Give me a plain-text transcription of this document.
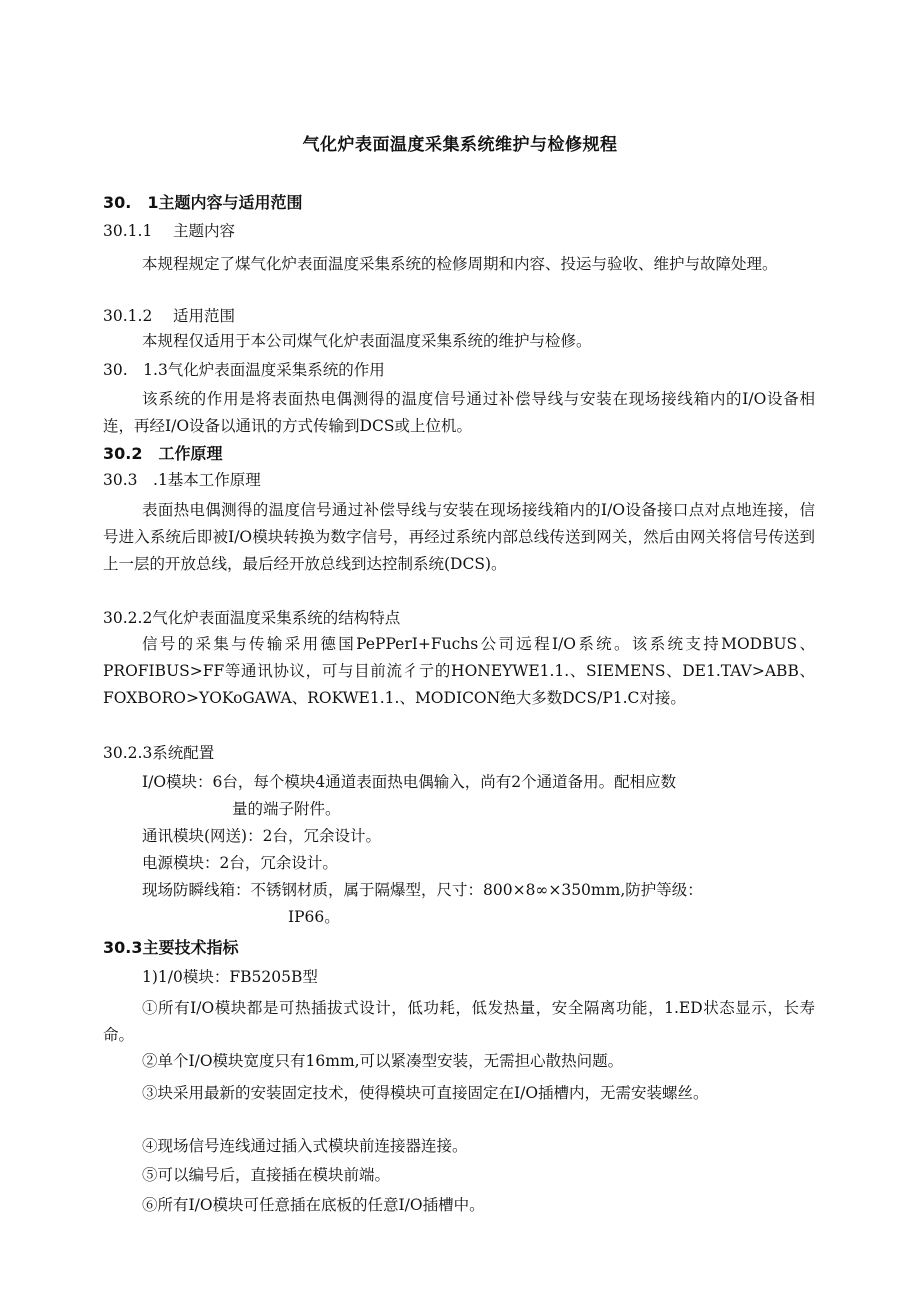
气化炉表面温度采集系统维护与检修规程
30.　1主题内容与适用范围
30.1.1 主题内容
本规程规定了煤气化炉表面温度采集系统的检修周期和内容、投运与验收、维护与故障处理。
30.1.2 适用范围
本规程仅适用于本公司煤气化炉表面温度采集系统的维护与检修。
30.　1.3气化炉表面温度采集系统的作用
该系统的作用是将表面热电偶测得的温度信号通过补偿导线与安装在现场接线箱内的I/O设备相连，再经I/O设备以通讯的方式传输到DCS或上位机。
30.2　工作原理
30.3　.1基本工作原理
表面热电偶测得的温度信号通过补偿导线与安装在现场接线箱内的I/O设备接口点对点地连接，信号进入系统后即被I/O模块转换为数字信号，再经过系统内部总线传送到网关，然后由网关将信号传送到上一层的开放总线，最后经开放总线到达控制系统(DCS)。
30.2.2气化炉表面温度采集系统的结构特点
信号的采集与传输采用德国PePPerI+Fuchs公司远程I/O系统。该系统支持MODBUS、PROFIBUS>FF等通讯协议，可与目前流彳亍的HONEYWE1.1.、SIEMENS、DE1.TAV>ABB、FOXBORO>YOKoGAWA、ROKWE1.1.、MODICON绝大多数DCS/P1.C对接。
30.2.3系统配置
I/O模块：6台，每个模块4通道表面热电偶输入，尚有2个通道备用。配相应数
量的端子附件。
通讯模块(网送)：2台，冗余设计。
电源模块：2台，冗余设计。
现场防瞬线箱：不锈钢材质，属于隔爆型，尺寸：800×8∞×350mm,防护等级：
IP66。
30.3主要技术指标
1)1/0模块：FB5205B型
①所有I/O模块都是可热插拔式设计，低功耗，低发热量，安全隔离功能，1.ED状态显示，长寿命。
②单个I/O模块宽度只有16mm,可以紧凑型安装，无需担心散热问题。
③块采用最新的安装固定技术，使得模块可直接固定在I/O插槽内，无需安装螺丝。
④现场信号连线通过插入式模块前连接器连接。
⑤可以编号后，直接插在模块前端。
⑥所有I/O模块可任意插在底板的任意I/O插槽中。
